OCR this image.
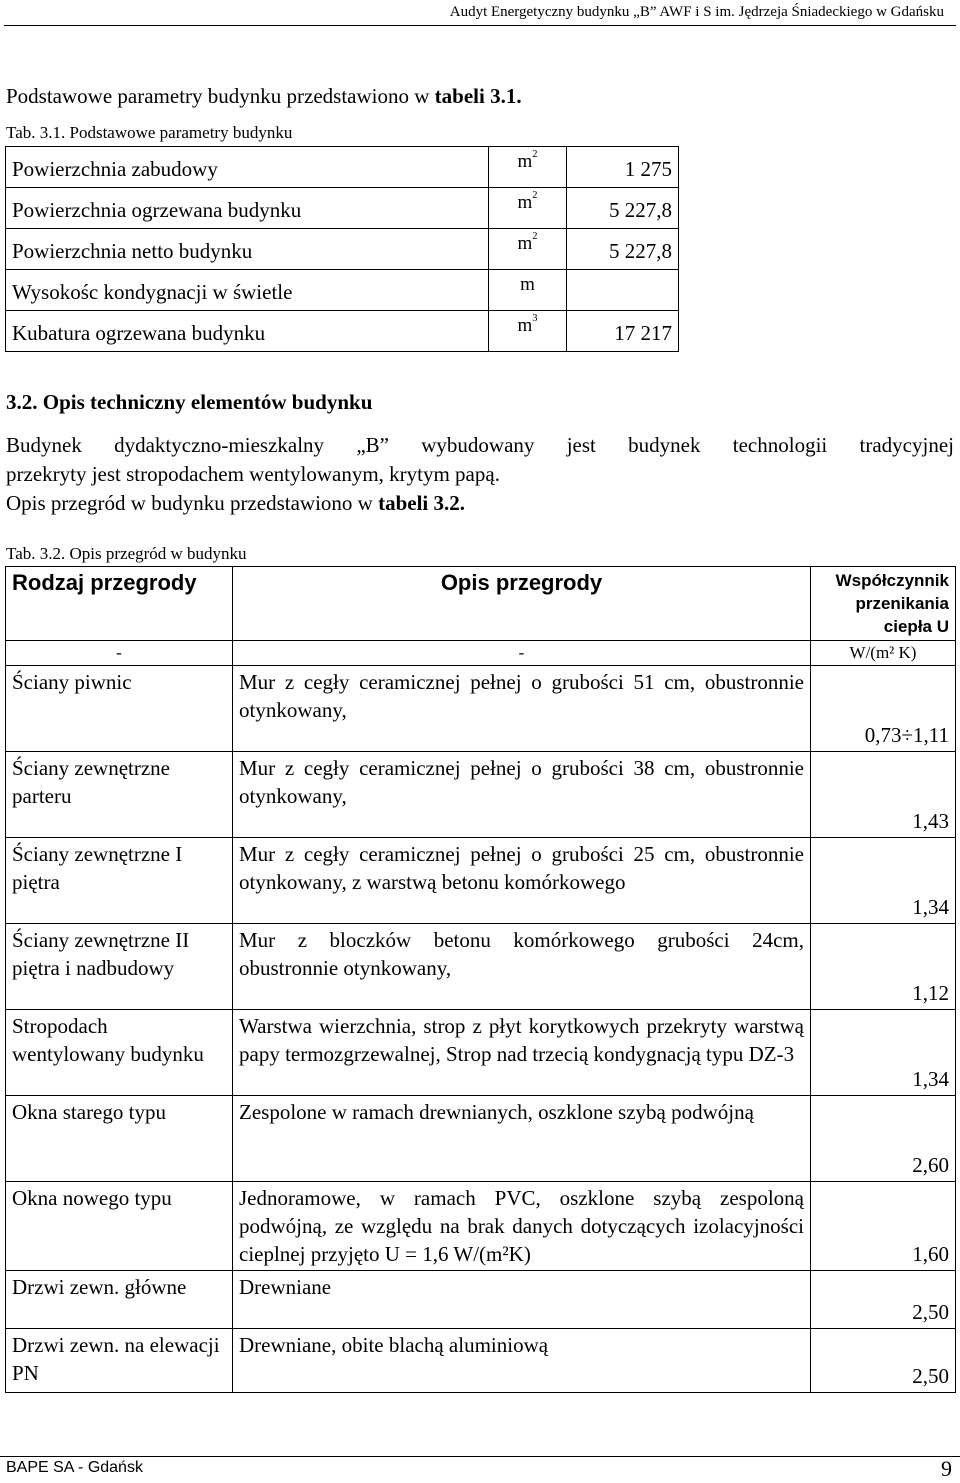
Audyt Energetyczny budynku „B” AWF i S im. Jędrzeja Śniadeckiego w Gdańsku
Podstawowe parametry budynku przedstawiono w tabeli 3.1.
Tab. 3.1. Podstawowe parametry budynku
Powierzchnia zabudowy	$m^2$	1 275
Powierzchnia ogrzewana budynku	$m^2$	5 227,8
Powierzchnia netto budynku	$m^2$	5 227,8
Wysokośc kondygnacji w świetle	m	
Kubatura ogrzewana budynku	$m^3$	17 217
3.2. Opis techniczny elementów budynku
Budynek dydaktyczno-mieszkalny „B” wybudowany jest budynek technologii tradycyjnej
przekryty jest stropodachem wentylowanym, krytym papą.
Opis przegród w budynku przedstawiono w tabeli 3.2.
Tab. 3.2. Opis przegród w budynku
Rodzaj przegrody	Opis przegrody	Współczynnik przenikania ciepła U
-	-	W/(m² K)
Ściany piwnic	Mur z cegły ceramicznej pełnej o grubości 51 cm, obustronnie otynkowany,	0,73÷1,11
Ściany zewnętrzne parteru	Mur z cegły ceramicznej pełnej o grubości 38 cm, obustronnie otynkowany,	1,43
Ściany zewnętrzne I piętra	Mur z cegły ceramicznej pełnej o grubości 25 cm, obustronnie otynkowany, z warstwą betonu komórkowego	1,34
Ściany zewnętrzne II piętra i nadbudowy	Mur z bloczków betonu komórkowego grubości 24cm, obustronnie otynkowany,	1,12
Stropodach wentylowany budynku	Warstwa wierzchnia, strop z płyt korytkowych przekryty warstwą papy termozgrzewalnej, Strop nad trzecią kondygnacją typu DZ-3	1,34
Okna starego typu	Zespolone w ramach drewnianych, oszklone szybą podwójną	2,60
Okna nowego typu	Jednoramowe, w ramach PVC, oszklone szybą zespoloną podwójną, ze względu na brak danych dotyczących izolacyjności cieplnej przyjęto U = 1,6 W/(m²K)	1,60
Drzwi zewn. główne	Drewniane	2,50
Drzwi zewn. na elewacji PN	Drewniane, obite blachą aluminiową	2,50
BAPE SA - Gdańsk	9
